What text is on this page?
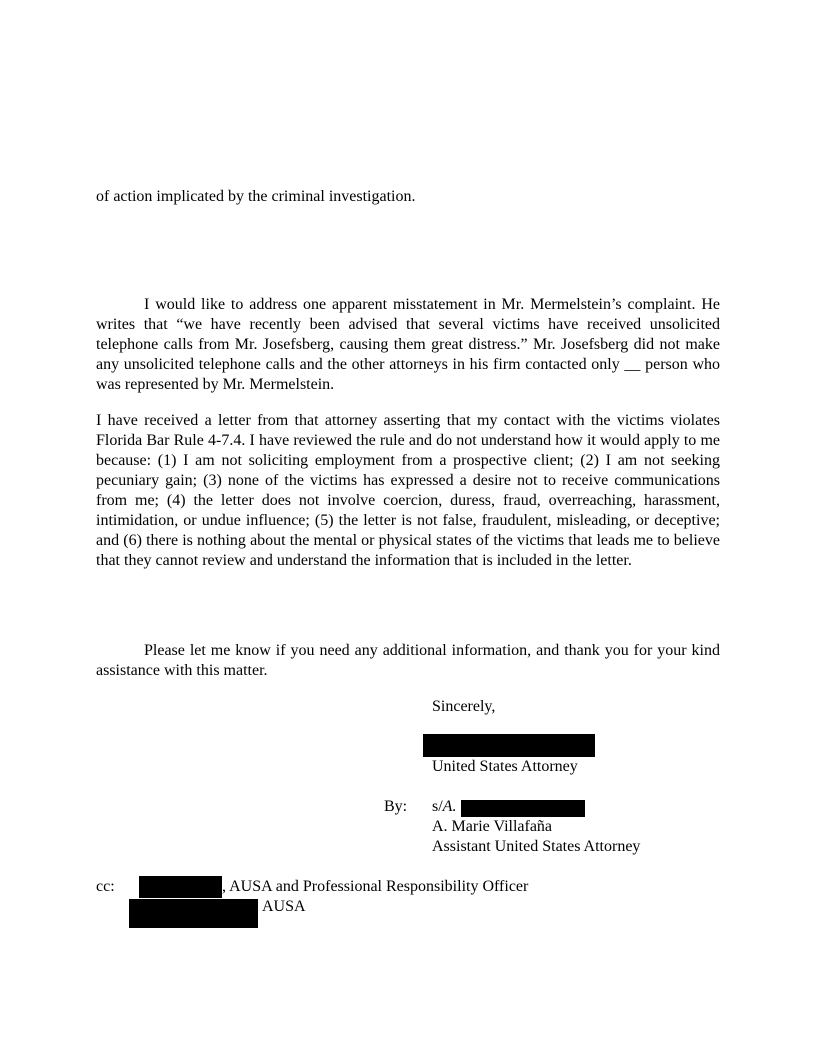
of action implicated by the criminal investigation.
I would like to address one apparent misstatement in Mr. Mermelstein’s complaint. He writes that “we have recently been advised that several victims have received unsolicited telephone calls from Mr. Josefsberg, causing them great distress.” Mr. Josefsberg did not make any unsolicited telephone calls and the other attorneys in his firm contacted only __ person who was represented by Mr. Mermelstein.
I have received a letter from that attorney asserting that my contact with the victims violates Florida Bar Rule 4-7.4. I have reviewed the rule and do not understand how it would apply to me because: (1) I am not soliciting employment from a prospective client; (2) I am not seeking pecuniary gain; (3) none of the victims has expressed a desire not to receive communications from me; (4) the letter does not involve coercion, duress, fraud, overreaching, harassment, intimidation, or undue influence; (5) the letter is not false, fraudulent, misleading, or deceptive; and (6) there is nothing about the mental or physical states of the victims that leads me to believe that they cannot review and understand the information that is included in the letter.
Please let me know if you need any additional information, and thank you for your kind assistance with this matter.
Sincerely,
United States Attorney
By: s/A.
A. Marie Villafaña
Assistant United States Attorney
cc:	, AUSA and Professional Responsibility Officer
AUSA
